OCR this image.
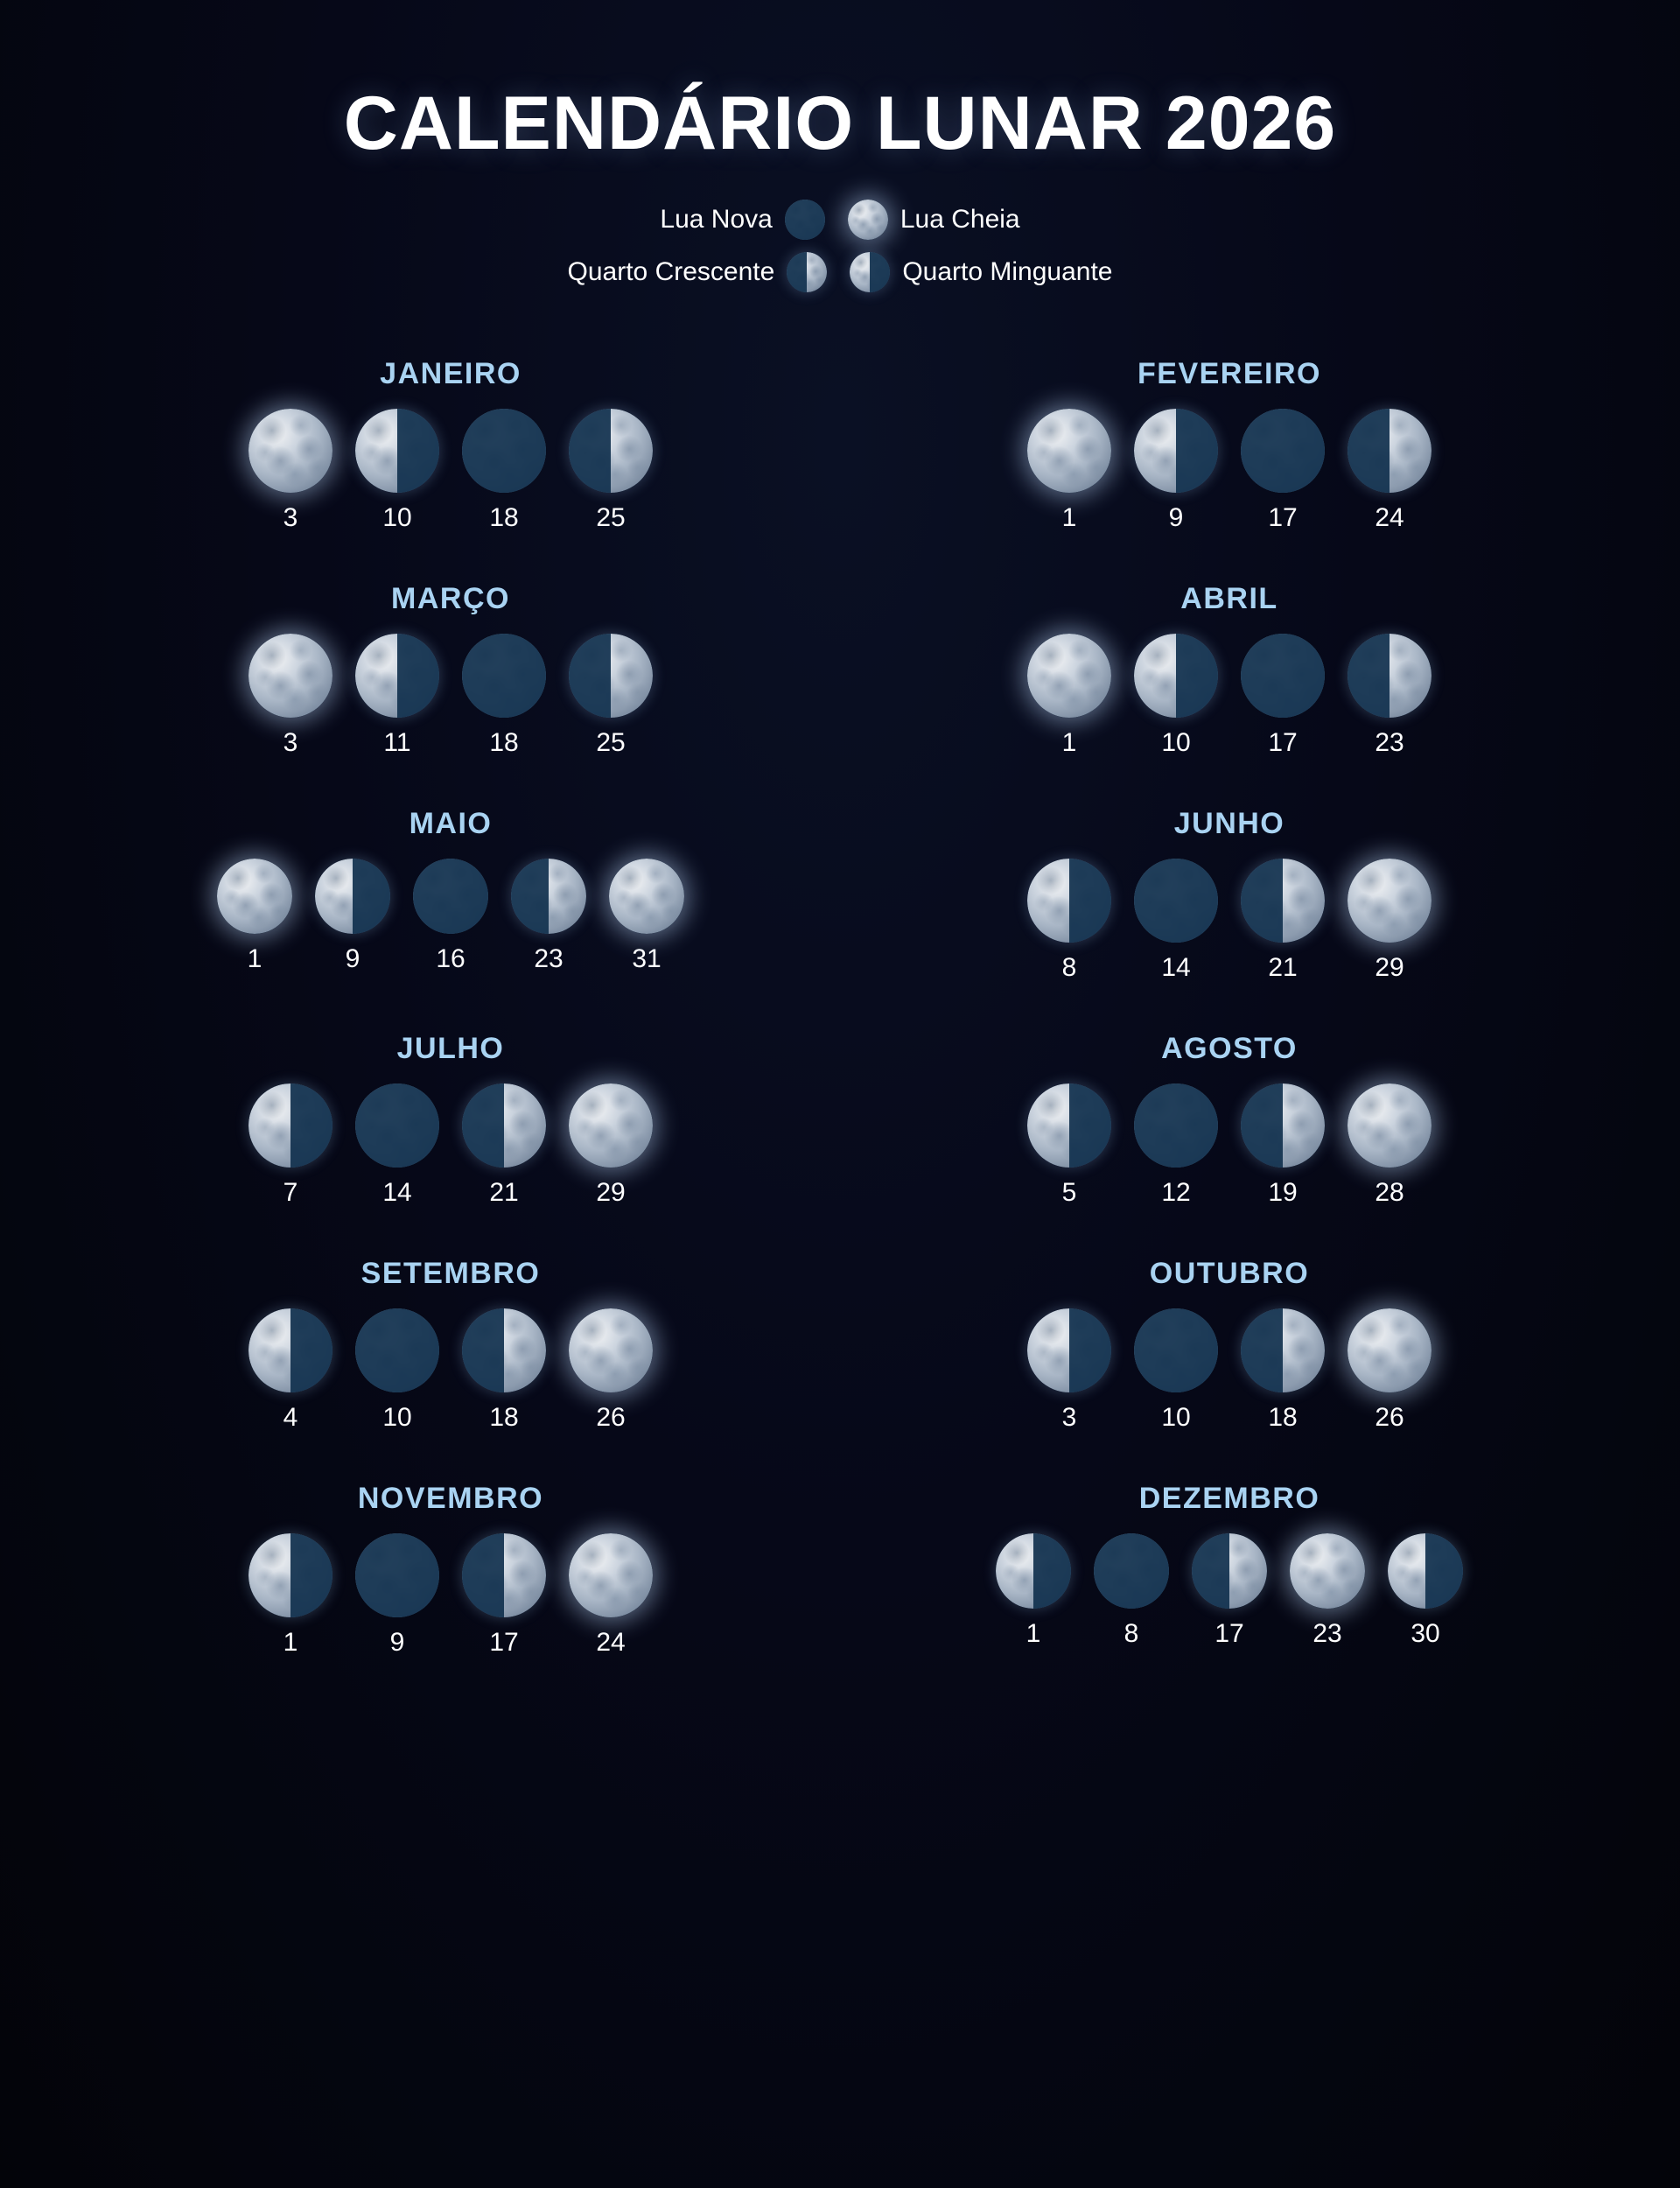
CALENDÁRIO LUNAR 2026
Lua Nova	Lua Cheia
Quarto Crescente	Quarto Minguante
JANEIRO
3	10	18	25
FEVEREIRO
1	9	17	24
MARÇO
3	11	18	25
ABRIL
1	10	17	23
MAIO
1	9	16	23	31
JUNHO
8	14	21	29
JULHO
7	14	21	29
AGOSTO
5	12	19	28
SETEMBRO
4	10	18	26
OUTUBRO
3	10	18	26
NOVEMBRO
1	9	17	24
DEZEMBRO
1	8	17	23	30
